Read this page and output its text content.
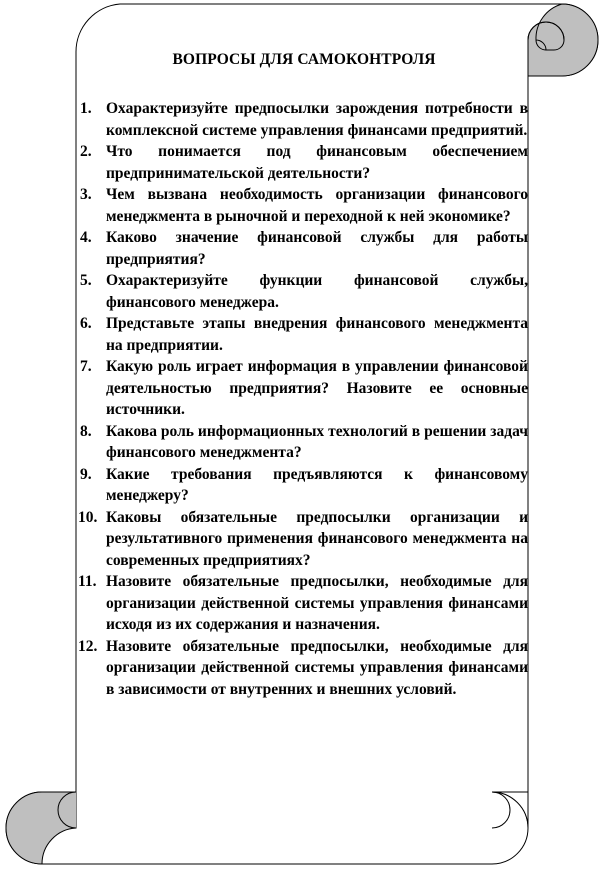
ВОПРОСЫ ДЛЯ САМОКОНТРОЛЯ
1. Охарактеризуйте предпосылки зарождения потребности в комплексной системе управления финансами предприятий.
2. Что понимается под финансовым обеспечением предпринимательской деятельности?
3. Чем вызвана необходимость организации финансового менеджмента в рыночной и переходной к ней экономике?
4. Каково значение финансовой службы для работы предприятия?
5. Охарактеризуйте функции финансовой службы, финансового менеджера.
6. Представьте этапы внедрения финансового менеджмента на предприятии.
7. Какую роль играет информация в управлении финансовой деятельностью предприятия? Назовите ее основные источники.
8. Какова роль информационных технологий в решении задач финансового менеджмента?
9. Какие требования предъявляются к финансовому менеджеру?
10. Каковы обязательные предпосылки организации и результативного применения финансового менеджмента на современных предприятиях?
11. Назовите обязательные предпосылки, необходимые для организации действенной системы управления финансами исходя из их содержания и назначения.
12. Назовите обязательные предпосылки, необходимые для организации действенной системы управления финансами в зависимости от внутренних и внешних условий.
